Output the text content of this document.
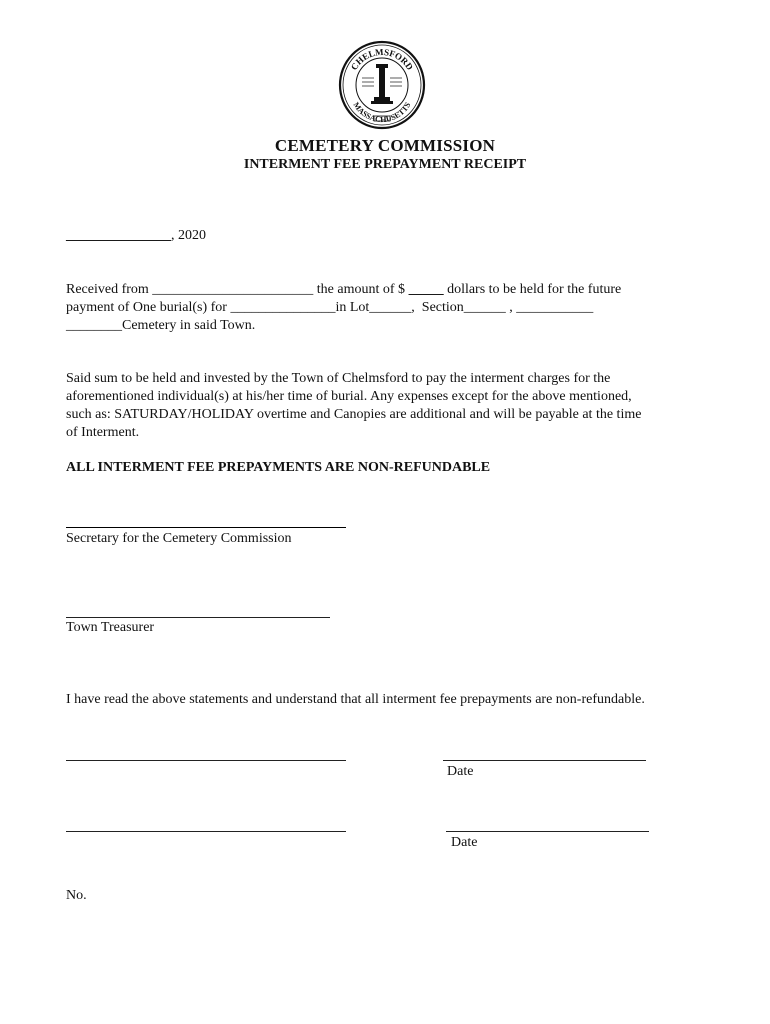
CHELMSFORD
MASSACHUSETTS
CEMETERY COMMISSION
INTERMENT FEE PREPAYMENT RECEIPT
_______________, 2020
Received from _______________________ the amount of $ _____ dollars to be held for the future
payment of One burial(s) for _______________in Lot______,  Section______ , ___________
________Cemetery in said Town.
Said sum to be held and invested by the Town of Chelmsford to pay the interment charges for the
aforementioned individual(s) at his/her time of burial. Any expenses except for the above mentioned,
such as: SATURDAY/HOLIDAY overtime and Canopies are additional and will be payable at the time
of Interment.
ALL INTERMENT FEE PREPAYMENTS ARE NON-REFUNDABLE
Secretary for the Cemetery Commission
Town Treasurer
I have read the above statements and understand that all interment fee prepayments are non-refundable.
Date
Date
No.
